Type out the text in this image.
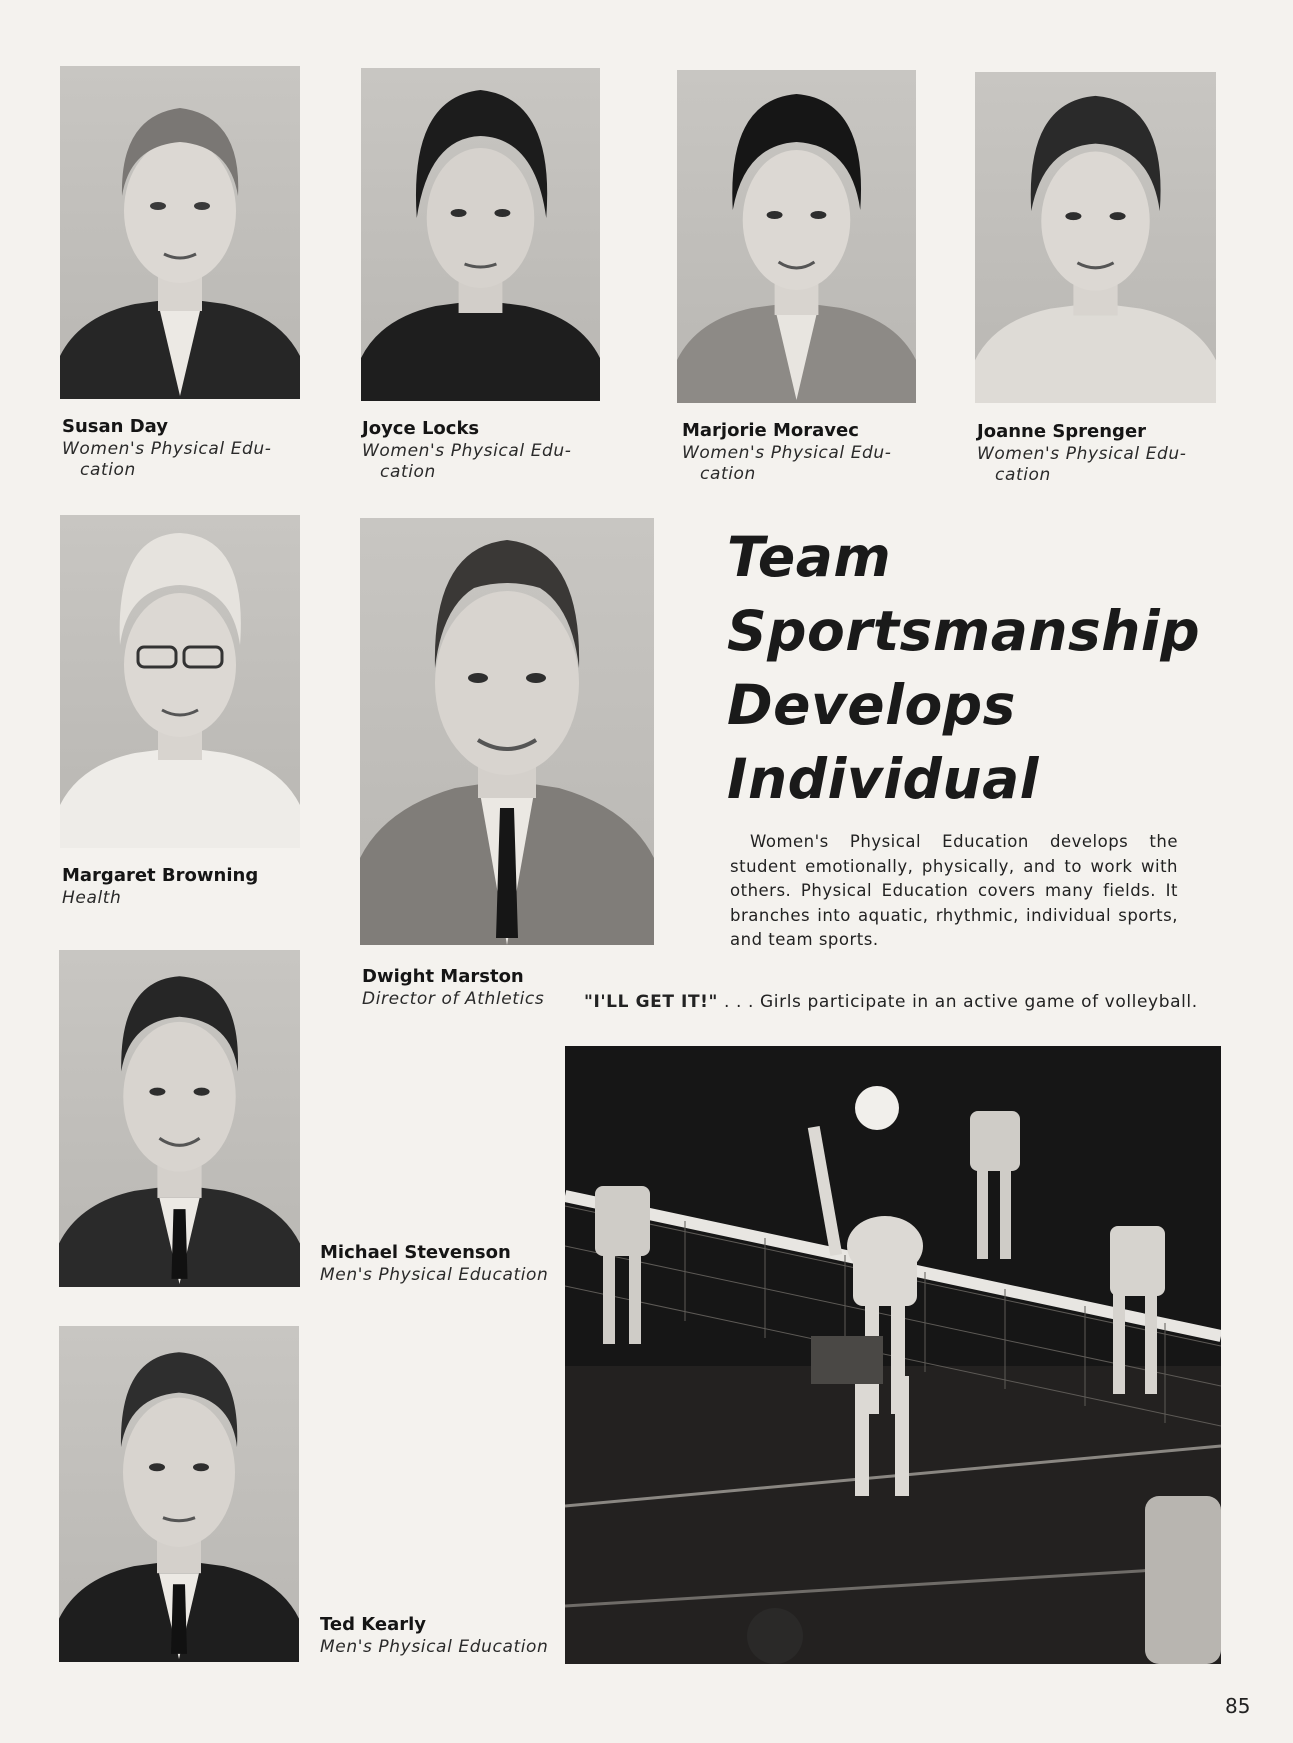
Susan Day
Women's Physical Edu-
cation
Joyce Locks
Women's Physical Edu-
cation
Marjorie Moravec
Women's Physical Edu-
cation
Joanne Sprenger
Women's Physical Edu-
cation
Margaret Browning
Health
Dwight Marston
Director of Athletics
Team
Sportsmanship
Develops
Individual

Women's Physical Education develops the student emotionally, physically, and to work with others. Physical Education covers many fields. It branches into aquatic, rhythmic, individual sports, and team sports.

Michael Stevenson
Men's Physical Education
Ted Kearly
Men's Physical Education
"I'LL GET IT!" . . . Girls participate in an active game of volleyball.
85
